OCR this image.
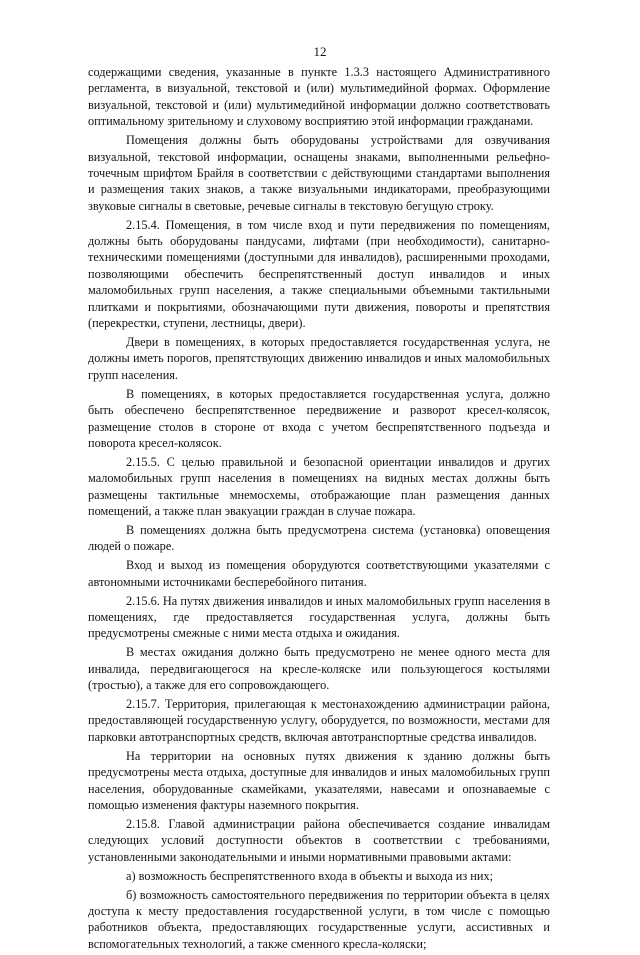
12

содержащими сведения, указанные в пункте 1.3.3 настоящего Административного регламента, в визуальной, текстовой и (или) мультимедийной формах. Оформление визуальной, текстовой и (или) мультимедийной информации должно соответствовать оптимальному зрительному и слуховому восприятию этой информации гражданами.

Помещения должны быть оборудованы устройствами для озвучивания визуальной, текстовой информации, оснащены знаками, выполненными рельефно-точечным шрифтом Брайля в соответствии с действующими стандартами выполнения и размещения таких знаков, а также визуальными индикаторами, преобразующими звуковые сигналы в световые, речевые сигналы в текстовую бегущую строку.

2.15.4. Помещения, в том числе вход и пути передвижения по помещениям, должны быть оборудованы пандусами, лифтами (при необходимости), санитарно-техническими помещениями (доступными для инвалидов), расширенными проходами, позволяющими обеспечить беспрепятственный доступ инвалидов и иных маломобильных групп населения, а также специальными объемными тактильными плитками и покрытиями, обозначающими пути движения, повороты и препятствия (перекрестки, ступени, лестницы, двери).

Двери в помещениях, в которых предоставляется государственная услуга, не должны иметь порогов, препятствующих движению инвалидов и иных маломобильных групп населения.

В помещениях, в которых предоставляется государственная услуга, должно быть обеспечено беспрепятственное передвижение и разворот кресел-колясок, размещение столов в стороне от входа с учетом беспрепятственного подъезда и поворота кресел-колясок.

2.15.5. С целью правильной и безопасной ориентации инвалидов и других маломобильных групп населения в помещениях на видных местах должны быть размещены тактильные мнемосхемы, отображающие план размещения данных помещений, а также план эвакуации граждан в случае пожара.

В помещениях должна быть предусмотрена система (установка) оповещения людей о пожаре.

Вход и выход из помещения оборудуются соответствующими указателями с автономными источниками бесперебойного питания.

2.15.6. На путях движения инвалидов и иных маломобильных групп населения в помещениях, где предоставляется государственная услуга, должны быть предусмотрены смежные с ними места отдыха и ожидания.

В местах ожидания должно быть предусмотрено не менее одного места для инвалида, передвигающегося на кресле-коляске или пользующегося костылями (тростью), а также для его сопровождающего.

2.15.7. Территория, прилегающая к местонахождению администрации района, предоставляющей государственную услугу, оборудуется, по возможности, местами для парковки автотранспортных средств, включая автотранспортные средства инвалидов.

На территории на основных путях движения к зданию должны быть предусмотрены места отдыха, доступные для инвалидов и иных маломобильных групп населения, оборудованные скамейками, указателями, навесами и опознаваемые с помощью изменения фактуры наземного покрытия.

2.15.8. Главой администрации района обеспечивается создание инвалидам следующих условий доступности объектов в соответствии с требованиями, установленными законодательными и иными нормативными правовыми актами:

а) возможность беспрепятственного входа в объекты и выхода из них;

б) возможность самостоятельного передвижения по территории объекта в целях доступа к месту предоставления государственной услуги, в том числе с помощью работников объекта, предоставляющих государственные услуги, ассистивных и вспомогательных технологий, а также сменного кресла-коляски;
